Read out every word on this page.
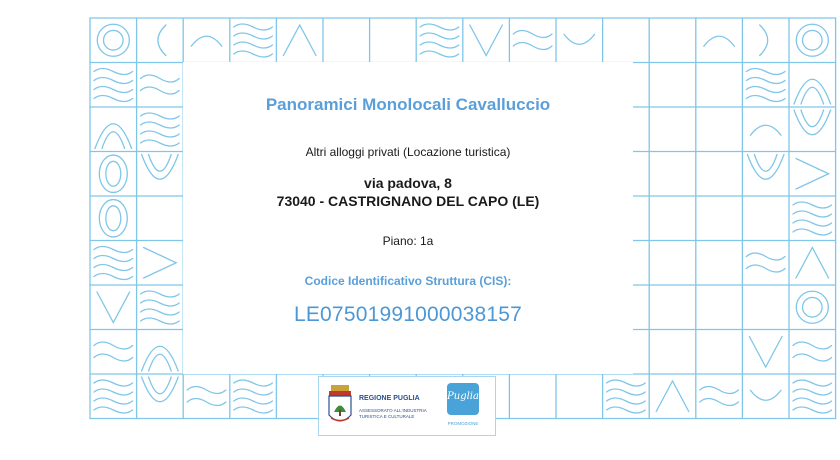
Panoramici Monolocali Cavalluccio
Altri alloggi privati (Locazione turistica)
via padova, 8
73040 - CASTRIGNANO DEL CAPO (LE)
Piano: 1a
Codice Identificativo Struttura (CIS):
LE07501991000038157
REGIONE PUGLIA
ASSESSORATO ALL'INDUSTRIA
TURISTICA E CULTURALE
Puglia
PROMOZIONE
